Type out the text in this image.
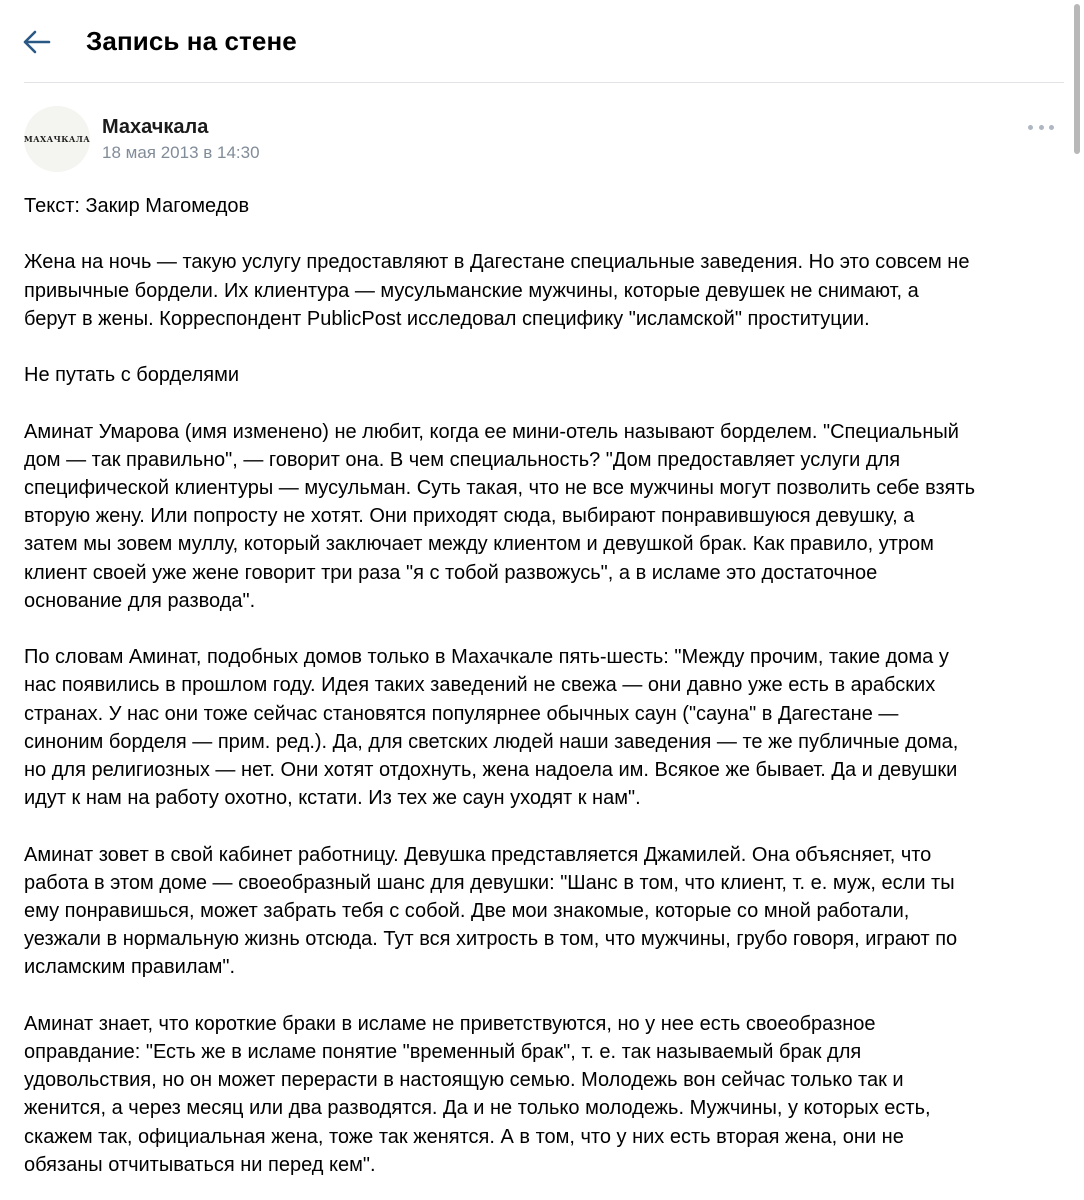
Запись на стене
МАХАЧКАЛА
Махачкала
18 мая 2013 в 14:30

Текст: Закир Магомедов

Жена на ночь — такую услугу предоставляют в Дагестане специальные заведения. Но это совсем не
привычные бордели. Их клиентура — мусульманские мужчины, которые девушек не снимают, а
берут в жены. Корреспондент PublicPost исследовал специфику "исламской" проституции.

Не путать с борделями

Аминат Умарова (имя изменено) не любит, когда ее мини-отель называют борделем. "Специальный
дом — так правильно", — говорит она. В чем специальность? "Дом предоставляет услуги для
специфической клиентуры — мусульман. Суть такая, что не все мужчины могут позволить себе взять
вторую жену. Или попросту не хотят. Они приходят сюда, выбирают понравившуюся девушку, а
затем мы зовем муллу, который заключает между клиентом и девушкой брак. Как правило, утром
клиент своей уже жене говорит три раза "я с тобой развожусь", а в исламе это достаточное
основание для развода".

По словам Аминат, подобных домов только в Махачкале пять-шесть: "Между прочим, такие дома у
нас появились в прошлом году. Идея таких заведений не свежа — они давно уже есть в арабских
странах. У нас они тоже сейчас становятся популярнее обычных саун ("сауна" в Дагестане —
синоним борделя — прим. ред.). Да, для светских людей наши заведения — те же публичные дома,
но для религиозных — нет. Они хотят отдохнуть, жена надоела им. Всякое же бывает. Да и девушки
идут к нам на работу охотно, кстати. Из тех же саун уходят к нам".

Аминат зовет в свой кабинет работницу. Девушка представляется Джамилей. Она объясняет, что
работа в этом доме — своеобразный шанс для девушки: "Шанс в том, что клиент, т. е. муж, если ты
ему понравишься, может забрать тебя с собой. Две мои знакомые, которые со мной работали,
уезжали в нормальную жизнь отсюда. Тут вся хитрость в том, что мужчины, грубо говоря, играют по
исламским правилам".

Аминат знает, что короткие браки в исламе не приветствуются, но у нее есть своеобразное
оправдание: "Есть же в исламе понятие "временный брак", т. е. так называемый брак для
удовольствия, но он может перерасти в настоящую семью. Молодежь вон сейчас только так и
женится, а через месяц или два разводятся. Да и не только молодежь. Мужчины, у которых есть,
скажем так, официальная жена, тоже так женятся. А в том, что у них есть вторая жена, они не
обязаны отчитываться ни перед кем".
